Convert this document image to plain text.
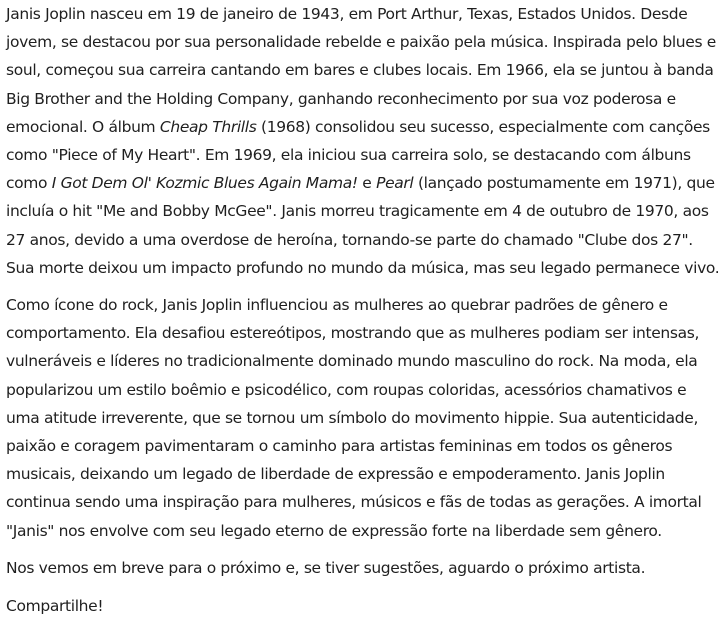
Janis Joplin nasceu em 19 de janeiro de 1943, em Port Arthur, Texas, Estados Unidos. Desde jovem, se destacou por sua personalidade rebelde e paixão pela música. Inspirada pelo blues e soul, começou sua carreira cantando em bares e clubes locais. Em 1966, ela se juntou à banda Big Brother and the Holding Company, ganhando reconhecimento por sua voz poderosa e emocional. O álbum Cheap Thrills (1968) consolidou seu sucesso, especialmente com canções como "Piece of My Heart". Em 1969, ela iniciou sua carreira solo, se destacando com álbuns como I Got Dem Ol' Kozmic Blues Again Mama! e Pearl (lançado postumamente em 1971), que incluía o hit "Me and Bobby McGee". Janis morreu tragicamente em 4 de outubro de 1970, aos 27 anos, devido a uma overdose de heroína, tornando-se parte do chamado "Clube dos 27". Sua morte deixou um impacto profundo no mundo da música, mas seu legado permanece vivo.

Como ícone do rock, Janis Joplin influenciou as mulheres ao quebrar padrões de gênero e comportamento. Ela desafiou estereótipos, mostrando que as mulheres podiam ser intensas, vulneráveis e líderes no tradicionalmente dominado mundo masculino do rock. Na moda, ela popularizou um estilo boêmio e psicodélico, com roupas coloridas, acessórios chamativos e uma atitude irreverente, que se tornou um símbolo do movimento hippie. Sua autenticidade, paixão e coragem pavimentaram o caminho para artistas femininas em todos os gêneros musicais, deixando um legado de liberdade de expressão e empoderamento. Janis Joplin continua sendo uma inspiração para mulheres, músicos e fãs de todas as gerações. A imortal "Janis" nos envolve com seu legado eterno de expressão forte na liberdade sem gênero.

Nos vemos em breve para o próximo e, se tiver sugestões, aguardo o próximo artista.

Compartilhe!
